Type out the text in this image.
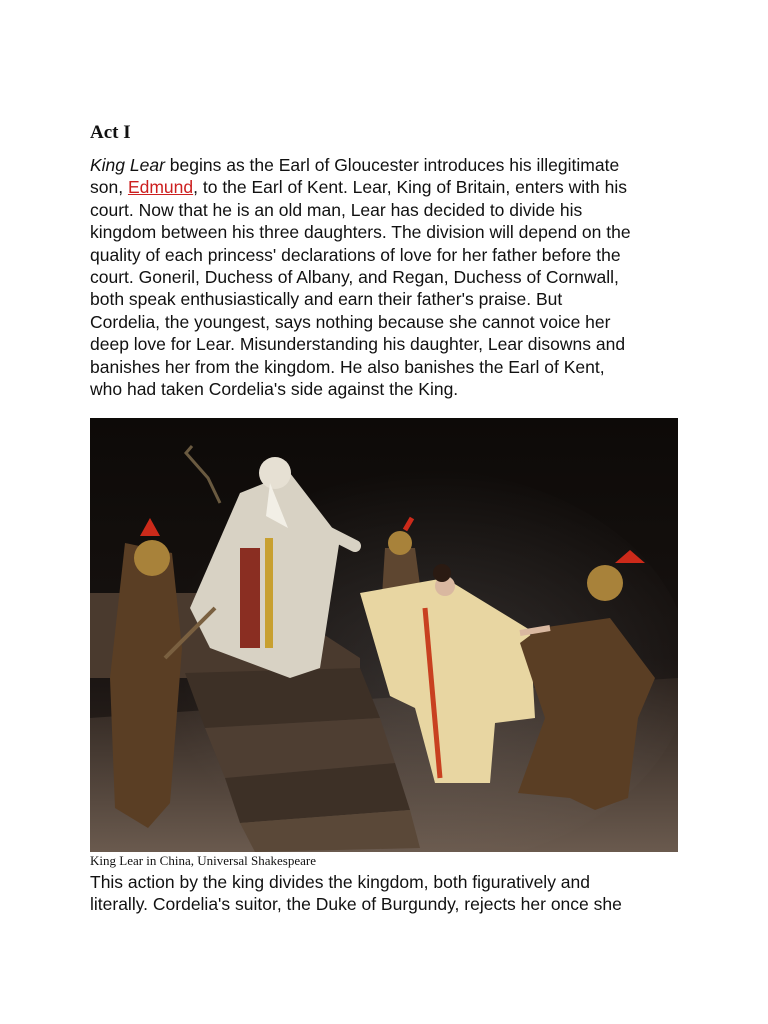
Act I

King Lear begins as the Earl of Gloucester introduces his illegitimate
son, Edmund, to the Earl of Kent. Lear, King of Britain, enters with his
court. Now that he is an old man, Lear has decided to divide his
kingdom between his three daughters. The division will depend on the
quality of each princess' declarations of love for her father before the
court. Goneril, Duchess of Albany, and Regan, Duchess of Cornwall,
both speak enthusiastically and earn their father's praise. But
Cordelia, the youngest, says nothing because she cannot voice her
deep love for Lear. Misunderstanding his daughter, Lear disowns and
banishes her from the kingdom. He also banishes the Earl of Kent,
who had taken Cordelia's side against the King.

King Lear in China, Universal Shakespeare

This action by the king divides the kingdom, both figuratively and
literally. Cordelia's suitor, the Duke of Burgundy, rejects her once she
